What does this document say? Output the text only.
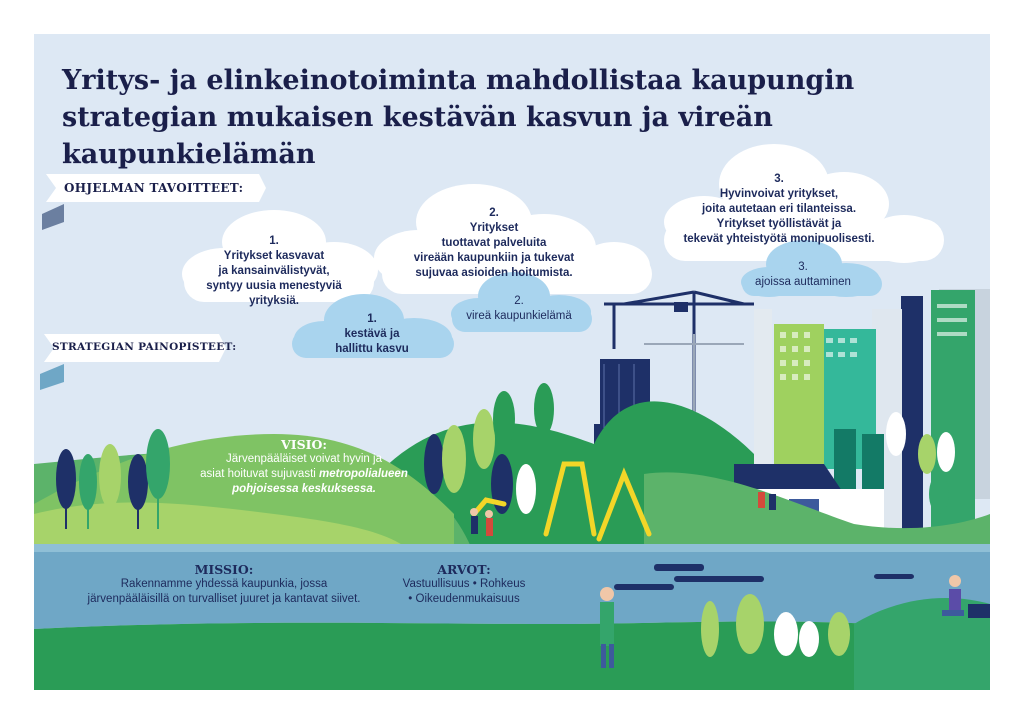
Yritys- ja elinkeinotoiminta mahdollistaa kaupungin
strategian mukaisen kestävän kasvun ja vireän kaupunkielämän
OHJELMAN TAVOITTEET:
STRATEGIAN PAINOPISTEET:
1.
Yritykset kasvavat
ja kansainvälistyvät,
syntyy uusia menestyviä
yrityksiä.
2.
Yritykset
tuottavat palveluita
vireään kaupunkiin ja tukevat
sujuvaa asioiden hoitumista.
3.
Hyvinvoivat yritykset,
joita autetaan eri tilanteissa.
Yritykset työllistävät ja
tekevät yhteistyötä monipuolisesti.
1.
kestävä ja
hallittu kasvu
2.
vireä kaupunkielämä
3.
ajoissa auttaminen
VISIO:
Järvenpääläiset voivat hyvin ja
asiat hoituvat sujuvasti metropolialueen
pohjoisessa keskuksessa.
MISSIO:
Rakennamme yhdessä kaupunkia, jossa
järvenpääläisillä on turvalliset juuret ja kantavat siivet.
ARVOT:
Vastuullisuus • Rohkeus
• Oikeudenmukaisuus
